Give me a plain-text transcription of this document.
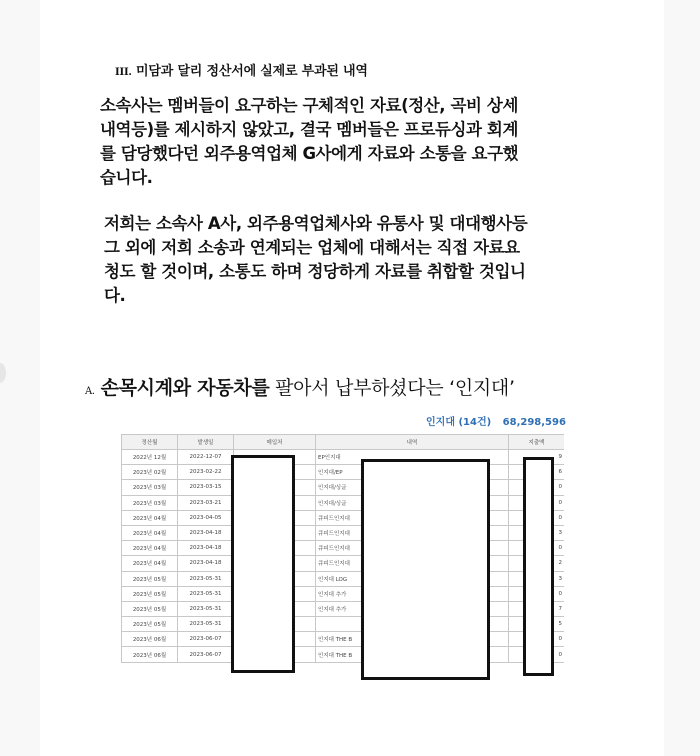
III. 미담과 달리 정산서에 실제로 부과된 내역
소속사는 멤버들이 요구하는 구체적인 자료(정산, 곡비 상세
내역등)를 제시하지 않았고, 결국 멤버들은 프로듀싱과 회계
를 담당했다던 외주용역업체 G사에게 자료와 소통을 요구했
습니다.
저희는 소속사 A사, 외주용역업체사와 유통사 및 대대행사등
그 외에 저희 소송과 연계되는 업체에 대해서는 직접 자료요
청도 할 것이며, 소통도 하며 정당하게 자료를 취합할 것입니
다.
A. 손목시계와 자동차를 팔아서 납부하셨다는 ‘인지대’
인지대 (14건) 68,298,596
정산월	발생일	매입처	내역	지출액
2022년 12월	2022-12-07		EP인지대	9
2023년 02월	2023-02-22		인지대/EP	6
2023년 03월	2023-03-15		인지대/싱글	0
2023년 03월	2023-03-21		인지대/싱글	0
2023년 04월	2023-04-05		큐피드인지대	0
2023년 04월	2023-04-18		큐피드인지대	3
2023년 04월	2023-04-18		큐피드인지대	0
2023년 04월	2023-04-18		큐피드인지대	2
2023년 05월	2023-05-31		인지대 LOG	3
2023년 05월	2023-05-31		인지대 추가	0
2023년 05월	2023-05-31		인지대 추가	7
2023년 05월	2023-05-31			5
2023년 06월	2023-06-07		인지대 THE B	0
2023년 06월	2023-06-07		인지대 THE B	0
